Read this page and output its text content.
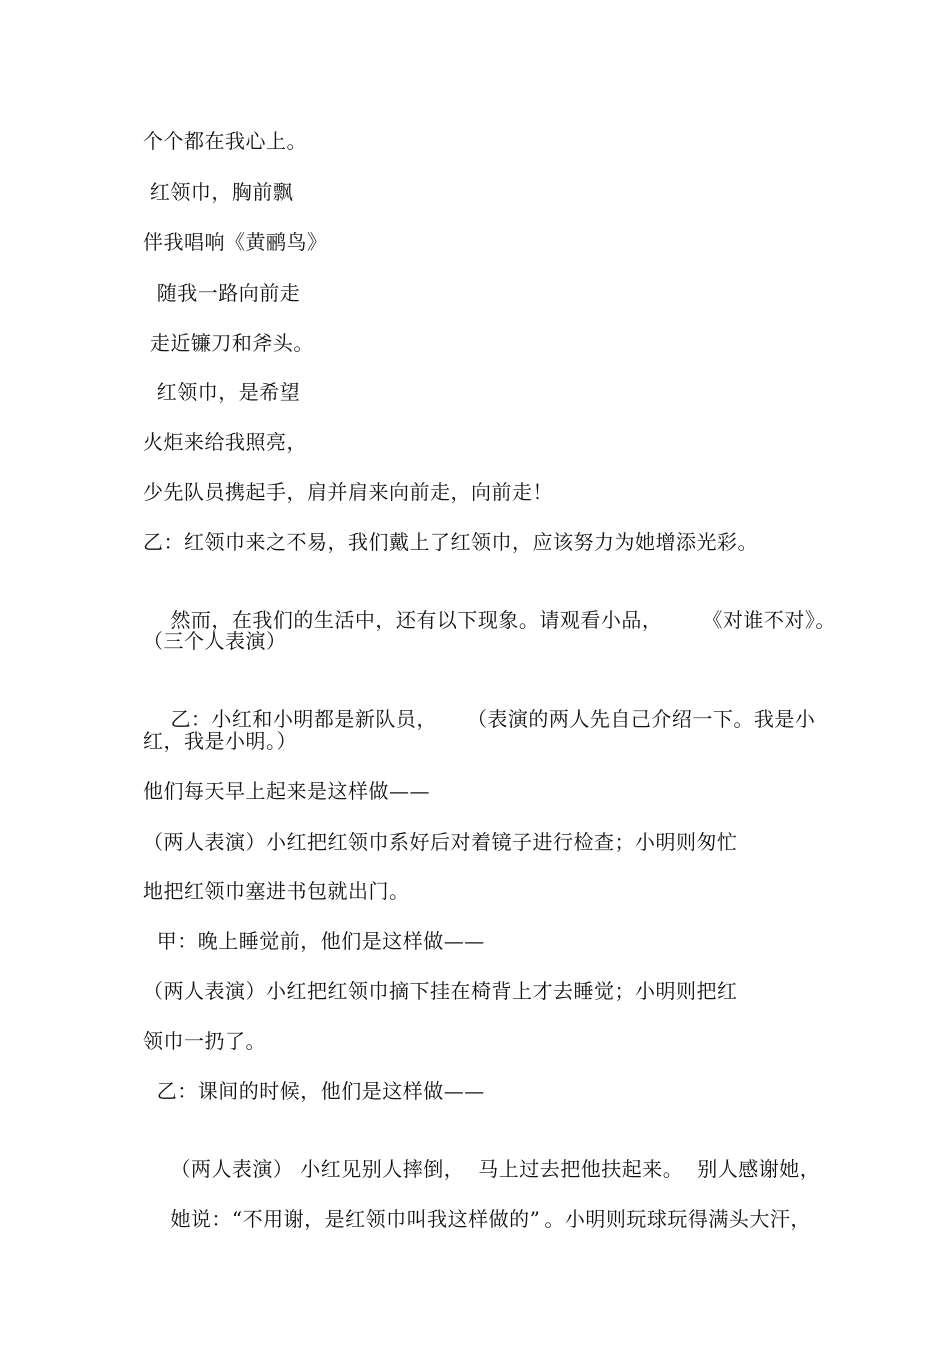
个个都在我心上。
红领巾，胸前飘
伴我唱响《黄鹂鸟》
随我一路向前走
走近镰刀和斧头。
红领巾，是希望
火炬来给我照亮，
少先队员携起手，肩并肩来向前走，向前走！
乙：红领巾来之不易，我们戴上了红领巾，应该努力为她增添光彩。

然而，在我们的生活中，还有以下现象。请观看小品， 《对谁不对》。

（三个人表演）

乙：小红和小明都是新队员， （表演的两人先自己介绍一下。我是小

红，我是小明。）
他们每天早上起来是这样做——
（两人表演）小红把红领巾系好后对着镜子进行检查；小明则匆忙
地把红领巾塞进书包就出门。
甲：晚上睡觉前，他们是这样做——
（两人表演）小红把红领巾摘下挂在椅背上才去睡觉；小明则把红
领巾一扔了。
乙：课间的时候，他们是这样做——

（两人表演） 小红见别人摔倒， 马上过去把他扶起来。 别人感谢她，

她说：“不用谢，是红领巾叫我这样做的” 。小明则玩球玩得满头大汗，
